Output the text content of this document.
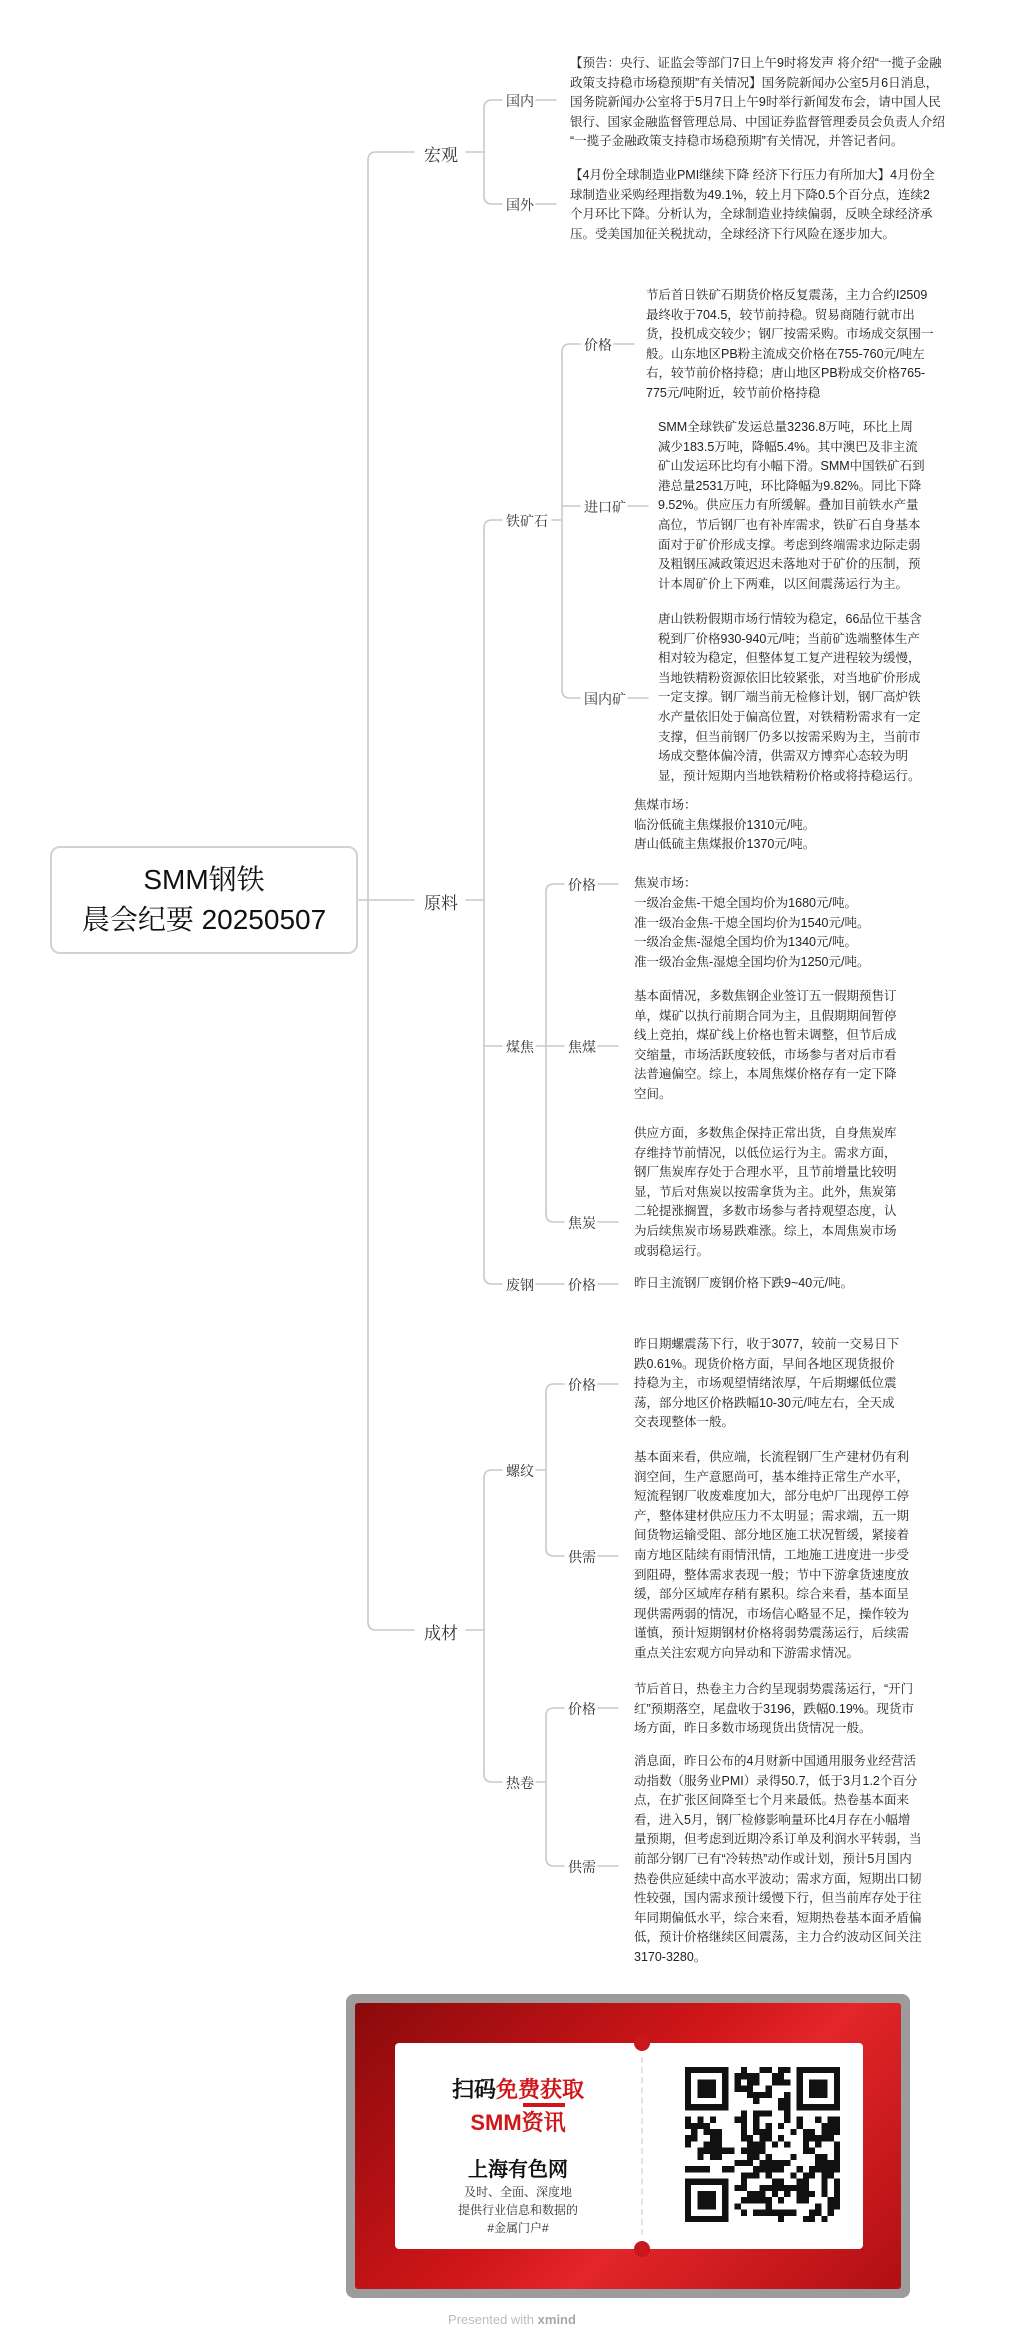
SMM钢铁
晨会纪要 20250507
宏观
原料
成材
国内
国外
【预告：央行、证监会等部门7日上午9时将发声 将介绍“一揽子金融
政策支持稳市场稳预期”有关情况】国务院新闻办公室5月6日消息，
国务院新闻办公室将于5月7日上午9时举行新闻发布会，请中国人民
银行、国家金融监督管理总局、中国证券监督管理委员会负责人介绍
“一揽子金融政策支持稳市场稳预期”有关情况，并答记者问。
【4月份全球制造业PMI继续下降 经济下行压力有所加大】4月份全
球制造业采购经理指数为49.1%，较上月下降0.5个百分点，连续2
个月环比下降。分析认为，全球制造业持续偏弱，反映全球经济承
压。受美国加征关税扰动，全球经济下行风险在逐步加大。
铁矿石
煤焦
废钢
价格
进口矿
国内矿
节后首日铁矿石期货价格反复震荡，主力合约I2509
最终收于704.5，较节前持稳。贸易商随行就市出
货，投机成交较少；钢厂按需采购。市场成交氛围一
般。山东地区PB粉主流成交价格在755-760元/吨左
右，较节前价格持稳；唐山地区PB粉成交价格765-
775元/吨附近，较节前价格持稳
SMM全球铁矿发运总量3236.8万吨，环比上周
减少183.5万吨，降幅5.4%。其中澳巴及非主流
矿山发运环比均有小幅下滑。SMM中国铁矿石到
港总量2531万吨，环比降幅为9.82%。同比下降
9.52%。供应压力有所缓解。叠加目前铁水产量
高位，节后钢厂也有补库需求，铁矿石自身基本
面对于矿价形成支撑。考虑到终端需求边际走弱
及粗钢压减政策迟迟未落地对于矿价的压制，预
计本周矿价上下两难，以区间震荡运行为主。
唐山铁粉假期市场行情较为稳定，66品位干基含
税到厂价格930-940元/吨；当前矿选端整体生产
相对较为稳定，但整体复工复产进程较为缓慢，
当地铁精粉资源依旧比较紧张，对当地矿价形成
一定支撑。钢厂端当前无检修计划，钢厂高炉铁
水产量依旧处于偏高位置，对铁精粉需求有一定
支撑，但当前钢厂仍多以按需采购为主，当前市
场成交整体偏冷清，供需双方博弈心态较为明
显，预计短期内当地铁精粉价格或将持稳运行。
价格
焦煤
焦炭
焦煤市场：
临汾低硫主焦煤报价1310元/吨。
唐山低硫主焦煤报价1370元/吨。

焦炭市场：
一级冶金焦-干熄全国均价为1680元/吨。
准一级冶金焦-干熄全国均价为1540元/吨。
一级冶金焦-湿熄全国均价为1340元/吨。
准一级冶金焦-湿熄全国均价为1250元/吨。
基本面情况，多数焦钢企业签订五一假期预售订
单，煤矿以执行前期合同为主，且假期期间暂停
线上竞拍，煤矿线上价格也暂未调整，但节后成
交缩量，市场活跃度较低，市场参与者对后市看
法普遍偏空。综上，本周焦煤价格存有一定下降
空间。
供应方面，多数焦企保持正常出货，自身焦炭库
存维持节前情况，以低位运行为主。需求方面，
钢厂焦炭库存处于合理水平，且节前增量比较明
显，节后对焦炭以按需拿货为主。此外，焦炭第
二轮提涨搁置，多数市场参与者持观望态度，认
为后续焦炭市场易跌难涨。综上，本周焦炭市场
或弱稳运行。
价格	昨日主流钢厂废钢价格下跌9~40元/吨。
螺纹
热卷
价格
供需
昨日期螺震荡下行，收于3077，较前一交易日下
跌0.61%。现货价格方面，早间各地区现货报价
持稳为主，市场观望情绪浓厚，午后期螺低位震
荡，部分地区价格跌幅10-30元/吨左右，全天成
交表现整体一般。
基本面来看，供应端，长流程钢厂生产建材仍有利
润空间，生产意愿尚可，基本维持正常生产水平，
短流程钢厂收废难度加大，部分电炉厂出现停工停
产，整体建材供应压力不太明显；需求端，五一期
间货物运输受阻、部分地区施工状况暂缓，紧接着
南方地区陆续有雨情汛情，工地施工进度进一步受
到阻碍，整体需求表现一般；节中下游拿货速度放
缓，部分区域库存稍有累积。综合来看，基本面呈
现供需两弱的情况，市场信心略显不足，操作较为
谨慎，预计短期钢材价格将弱势震荡运行，后续需
重点关注宏观方向异动和下游需求情况。
价格
供需
节后首日，热卷主力合约呈现弱势震荡运行，“开门
红”预期落空，尾盘收于3196，跌幅0.19%。现货市
场方面，昨日多数市场现货出货情况一般。
消息面，昨日公布的4月财新中国通用服务业经营活
动指数（服务业PMI）录得50.7，低于3月1.2个百分
点，在扩张区间降至七个月来最低。热卷基本面来
看，进入5月，钢厂检修影响量环比4月存在小幅增
量预期，但考虑到近期冷系订单及利润水平转弱，当
前部分钢厂已有“冷转热”动作或计划，预计5月国内
热卷供应延续中高水平波动；需求方面，短期出口韧
性较强，国内需求预计缓慢下行，但当前库存处于往
年同期偏低水平，综合来看，短期热卷基本面矛盾偏
低，预计价格继续区间震荡，主力合约波动区间关注
3170-3280。
扫码免费获取
SMM资讯
上海有色网
及时、全面、深度地
提供行业信息和数据的
#金属门户#
Presented with xmind
